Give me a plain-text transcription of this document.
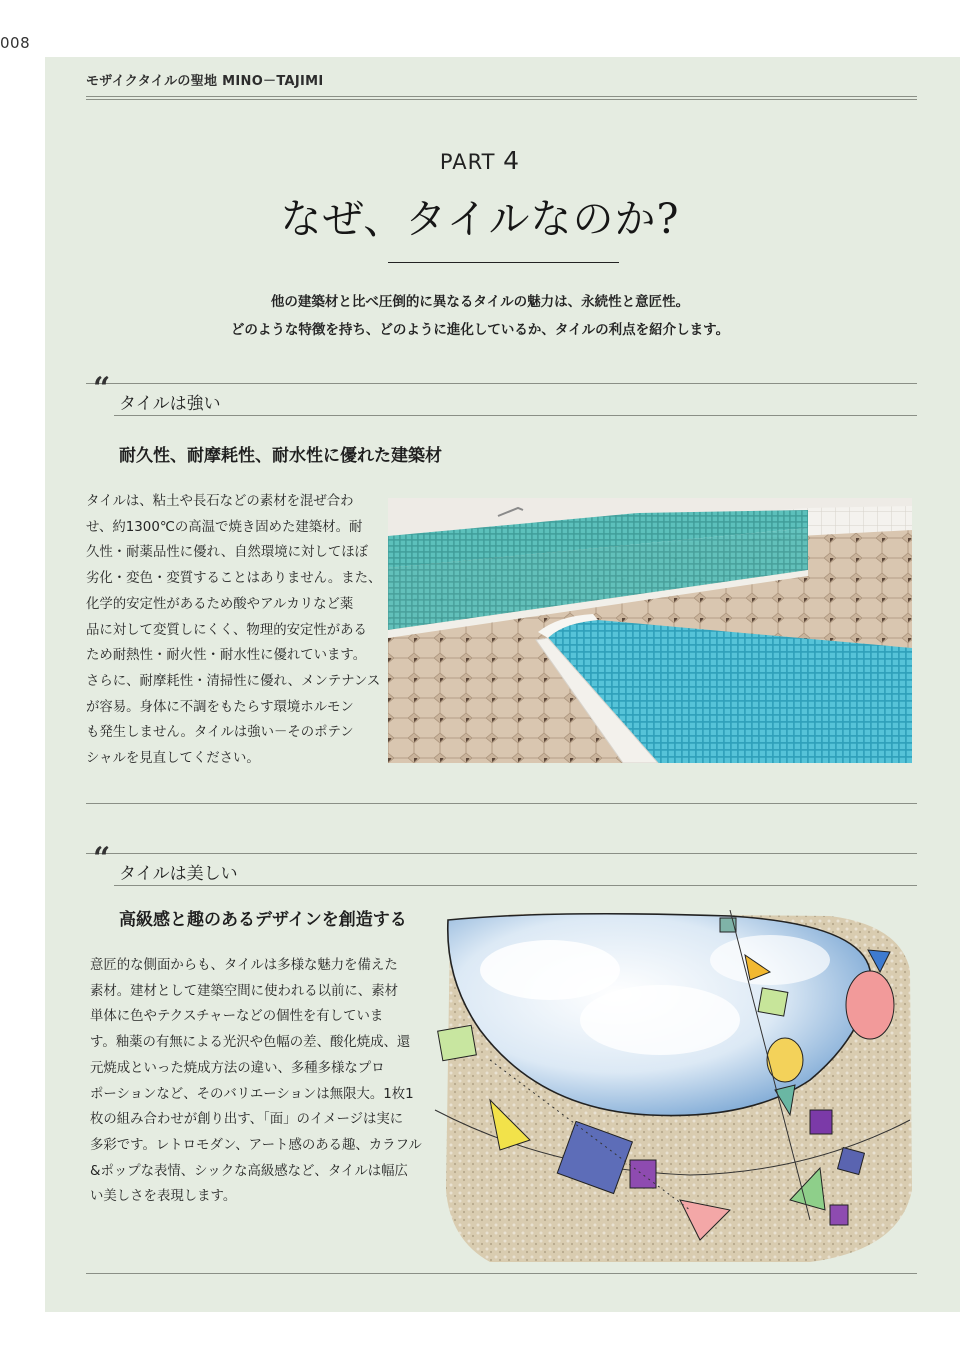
008
モザイクタイルの聖地 MINO－TAJIMI
PART 4
なぜ、タイルなのか?
他の建築材と比べ圧倒的に異なるタイルの魅力は、永続性と意匠性。
どのような特徴を持ち、どのように進化しているか、タイルの利点を紹介します。
“ タイルは強い
耐久性、耐摩耗性、耐水性に優れた建築材

タイルは、粘土や長石などの素材を混ぜ合わ

せ、約1300℃の高温で焼き固めた建築材。耐

久性・耐薬品性に優れ、自然環境に対してほぼ

劣化・変色・変質することはありません。また、

化学的安定性があるため酸やアルカリなど薬

品に対して変質しにくく、物理的安定性がある

ため耐熱性・耐火性・耐水性に優れています。

さらに、耐摩耗性・清掃性に優れ、メンテナンス

が容易。身体に不調をもたらす環境ホルモン

も発生しません。タイルは強い－そのポテン

シャルを見直してください。

“ タイルは美しい
高級感と趣のあるデザインを創造する

意匠的な側面からも、タイルは多様な魅力を備えた

素材。建材として建築空間に使われる以前に、素材

単体に色やテクスチャーなどの個性を有していま

す。釉薬の有無による光沢や色幅の差、酸化焼成、還

元焼成といった焼成方法の違い、多種多様なプロ

ポーションなど、そのバリエーションは無限大。1枚1

枚の組み合わせが創り出す、「面」のイメージは実に

多彩です。レトロモダン、アート感のある趣、カラフル

&ポップな表情、シックな高級感など、タイルは幅広

い美しさを表現します。
